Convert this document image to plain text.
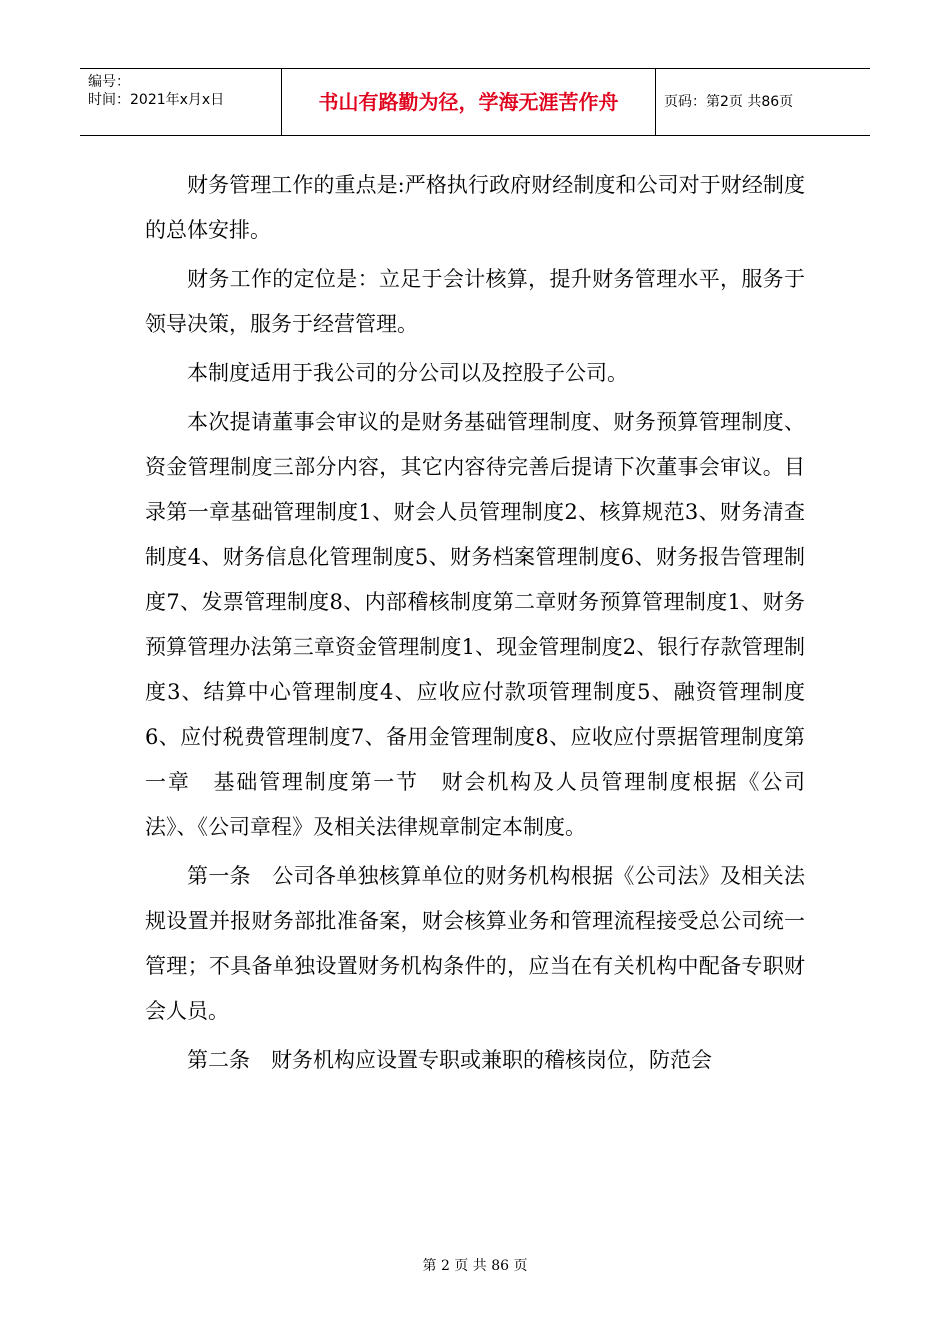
编号：
时间：2021年x月x日	书山有路勤为径，学海无涯苦作舟	页码：第2页 共86页

财务管理工作的重点是:严格执行政府财经制度和公司对于财经制度的总体安排。

财务工作的定位是：立足于会计核算，提升财务管理水平，服务于领导决策，服务于经营管理。

本制度适用于我公司的分公司以及控股子公司。

本次提请董事会审议的是财务基础管理制度、财务预算管理制度、资金管理制度三部分内容，其它内容待完善后提请下次董事会审议。目　录第一章基础管理制度1、财会人员管理制度2、核算规范3、财务清查制度4、财务信息化管理制度5、财务档案管理制度6、财务报告管理制度7、发票管理制度8、内部稽核制度第二章财务预算管理制度1、财务预算管理办法第三章资金管理制度1、现金管理制度2、银行存款管理制度3、结算中心管理制度4、应收应付款项管理制度5、融资管理制度6、应付税费管理制度7、备用金管理制度8、应收应付票据管理制度第一章　基础管理制度第一节　财会机构及人员管理制度根据《公司法》、《公司章程》及相关法律规章制定本制度。

第一条　公司各单独核算单位的财务机构根据《公司法》及相关法规设置并报财务部批准备案，财会核算业务和管理流程接受总公司统一管理；不具备单独设置财务机构条件的，应当在有关机构中配备专职财会人员。

第二条　财务机构应设置专职或兼职的稽核岗位，防范会

第 2 页 共 86 页
